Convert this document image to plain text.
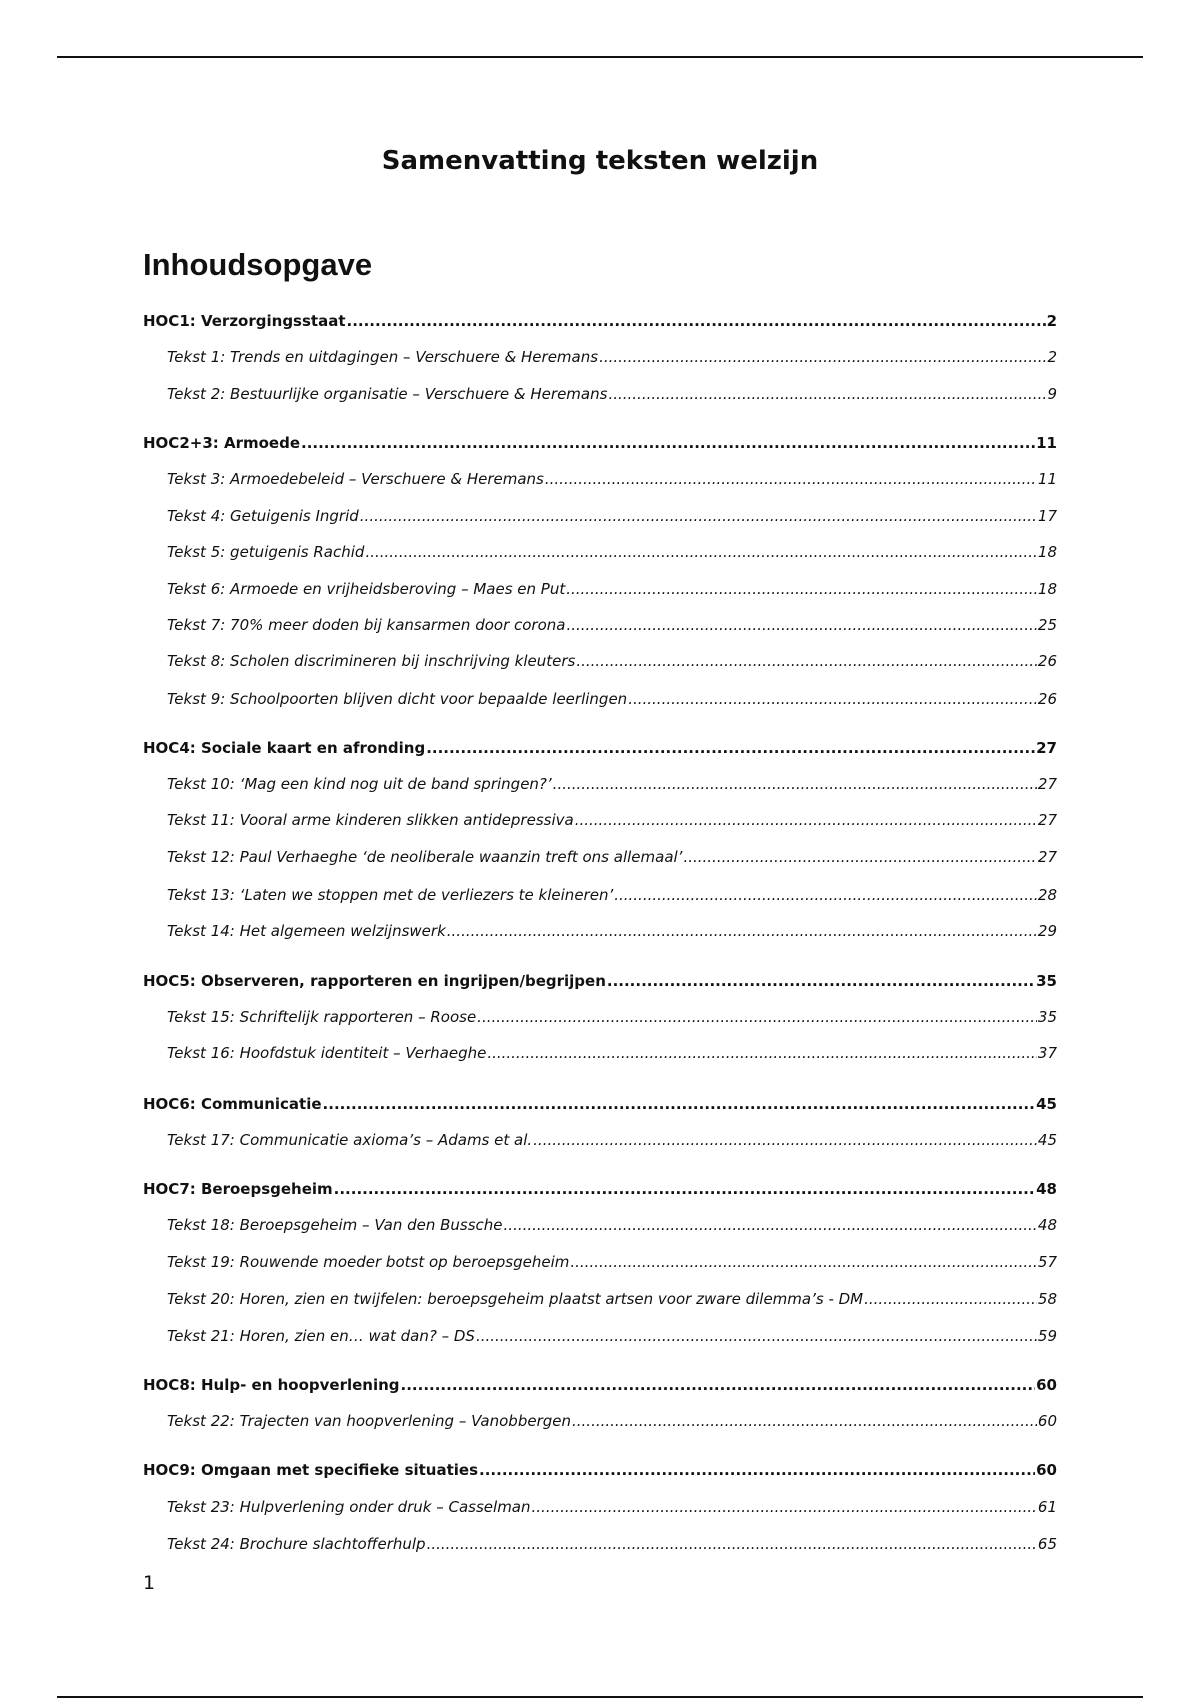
Samenvatting teksten welzijn
Inhoudsopgave
HOC1: Verzorgingsstaat .....	2
Tekst 1: Trends en uitdagingen – Verschuere & Heremans .....	2
Tekst 2: Bestuurlijke organisatie – Verschuere & Heremans .....	9
HOC2+3: Armoede .....	11
Tekst 3: Armoedebeleid – Verschuere & Heremans .....	11
Tekst 4: Getuigenis Ingrid .....	17
Tekst 5: getuigenis Rachid .....	18
Tekst 6: Armoede en vrijheidsberoving – Maes en Put .....	18
Tekst 7: 70% meer doden bij kansarmen door corona .....	25
Tekst 8: Scholen discrimineren bij inschrijving kleuters .....	26
Tekst 9: Schoolpoorten blijven dicht voor bepaalde leerlingen .....	26
HOC4: Sociale kaart en afronding .....	27
Tekst 10: ‘Mag een kind nog uit de band springen?’ .....	27
Tekst 11: Vooral arme kinderen slikken antidepressiva .....	27
Tekst 12: Paul Verhaeghe ‘de neoliberale waanzin treft ons allemaal’ .....	27
Tekst 13: ‘Laten we stoppen met de verliezers te kleineren’ .....	28
Tekst 14: Het algemeen welzijnswerk .....	29
HOC5: Observeren, rapporteren en ingrijpen/begrijpen .....	35
Tekst 15: Schriftelijk rapporteren – Roose .....	35
Tekst 16: Hoofdstuk identiteit – Verhaeghe .....	37
HOC6: Communicatie .....	45
Tekst 17: Communicatie axioma’s – Adams et al. .....	45
HOC7: Beroepsgeheim .....	48
Tekst 18: Beroepsgeheim – Van den Bussche .....	48
Tekst 19: Rouwende moeder botst op beroepsgeheim .....	57
Tekst 20: Horen, zien en twijfelen: beroepsgeheim plaatst artsen voor zware dilemma’s - DM .....	58
Tekst 21: Horen, zien en… wat dan? – DS .....	59
HOC8: Hulp- en hoopverlening .....	60
Tekst 22: Trajecten van hoopverlening – Vanobbergen .....	60
HOC9: Omgaan met specifieke situaties .....	60
Tekst 23: Hulpverlening onder druk – Casselman .....	61
Tekst 24: Brochure slachtofferhulp .....	65
1
